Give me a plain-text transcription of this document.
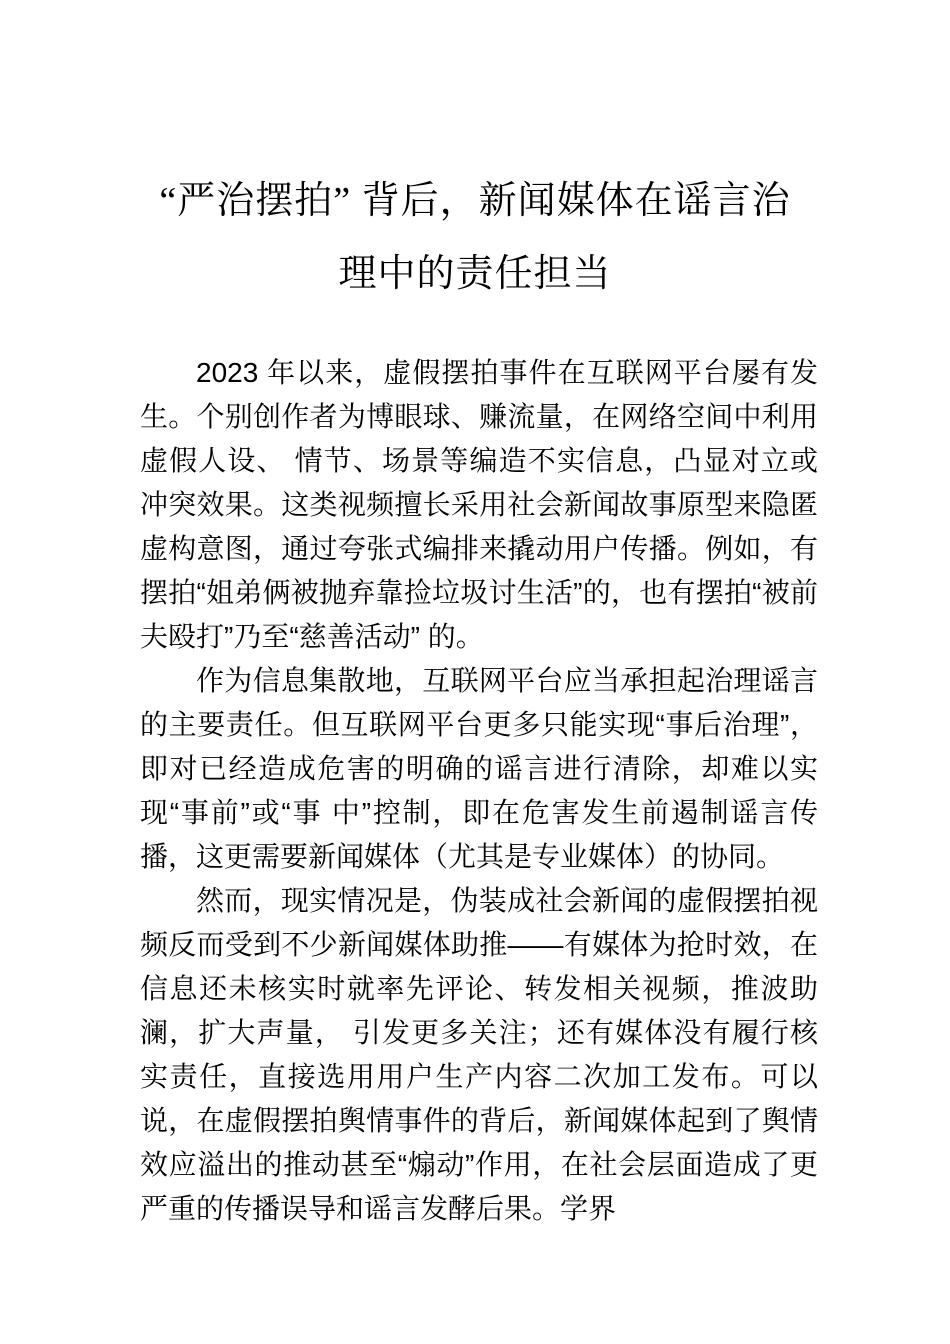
“严治摆拍” 背后，新闻媒体在谣言治
理中的责任担当

2023 年以来，虚假摆拍事件在互联网平台屡有发生。个别创作者为博眼球、赚流量，在网络空间中利用虚假人设、 情节、场景等编造不实信息，凸显对立或冲突效果。这类视频擅长采用社会新闻故事原型来隐匿虚构意图，通过夸张式编排来撬动用户传播。例如，有摆拍“姐弟俩被抛弃靠捡垃圾讨生活”的，也有摆拍“被前夫殴打”乃至“慈善活动” 的。

作为信息集散地，互联网平台应当承担起治理谣言的主要责任。但互联网平台更多只能实现“事后治理”，即对已经造成危害的明确的谣言进行清除，却难以实现“事前”或“事 中”控制，即在危害发生前遏制谣言传播，这更需要新闻媒体（尤其是专业媒体）的协同。

然而，现实情况是，伪装成社会新闻的虚假摆拍视频反而受到不少新闻媒体助推——有媒体为抢时效，在信息还未核实时就率先评论、转发相关视频，推波助澜，扩大声量， 引发更多关注；还有媒体没有履行核实责任，直接选用用户生产内容二次加工发布。可以说，在虚假摆拍舆情事件的背后，新闻媒体起到了舆情效应溢出的推动甚至“煽动”作用，在社会层面造成了更严重的传播误导和谣言发酵后果。学界
